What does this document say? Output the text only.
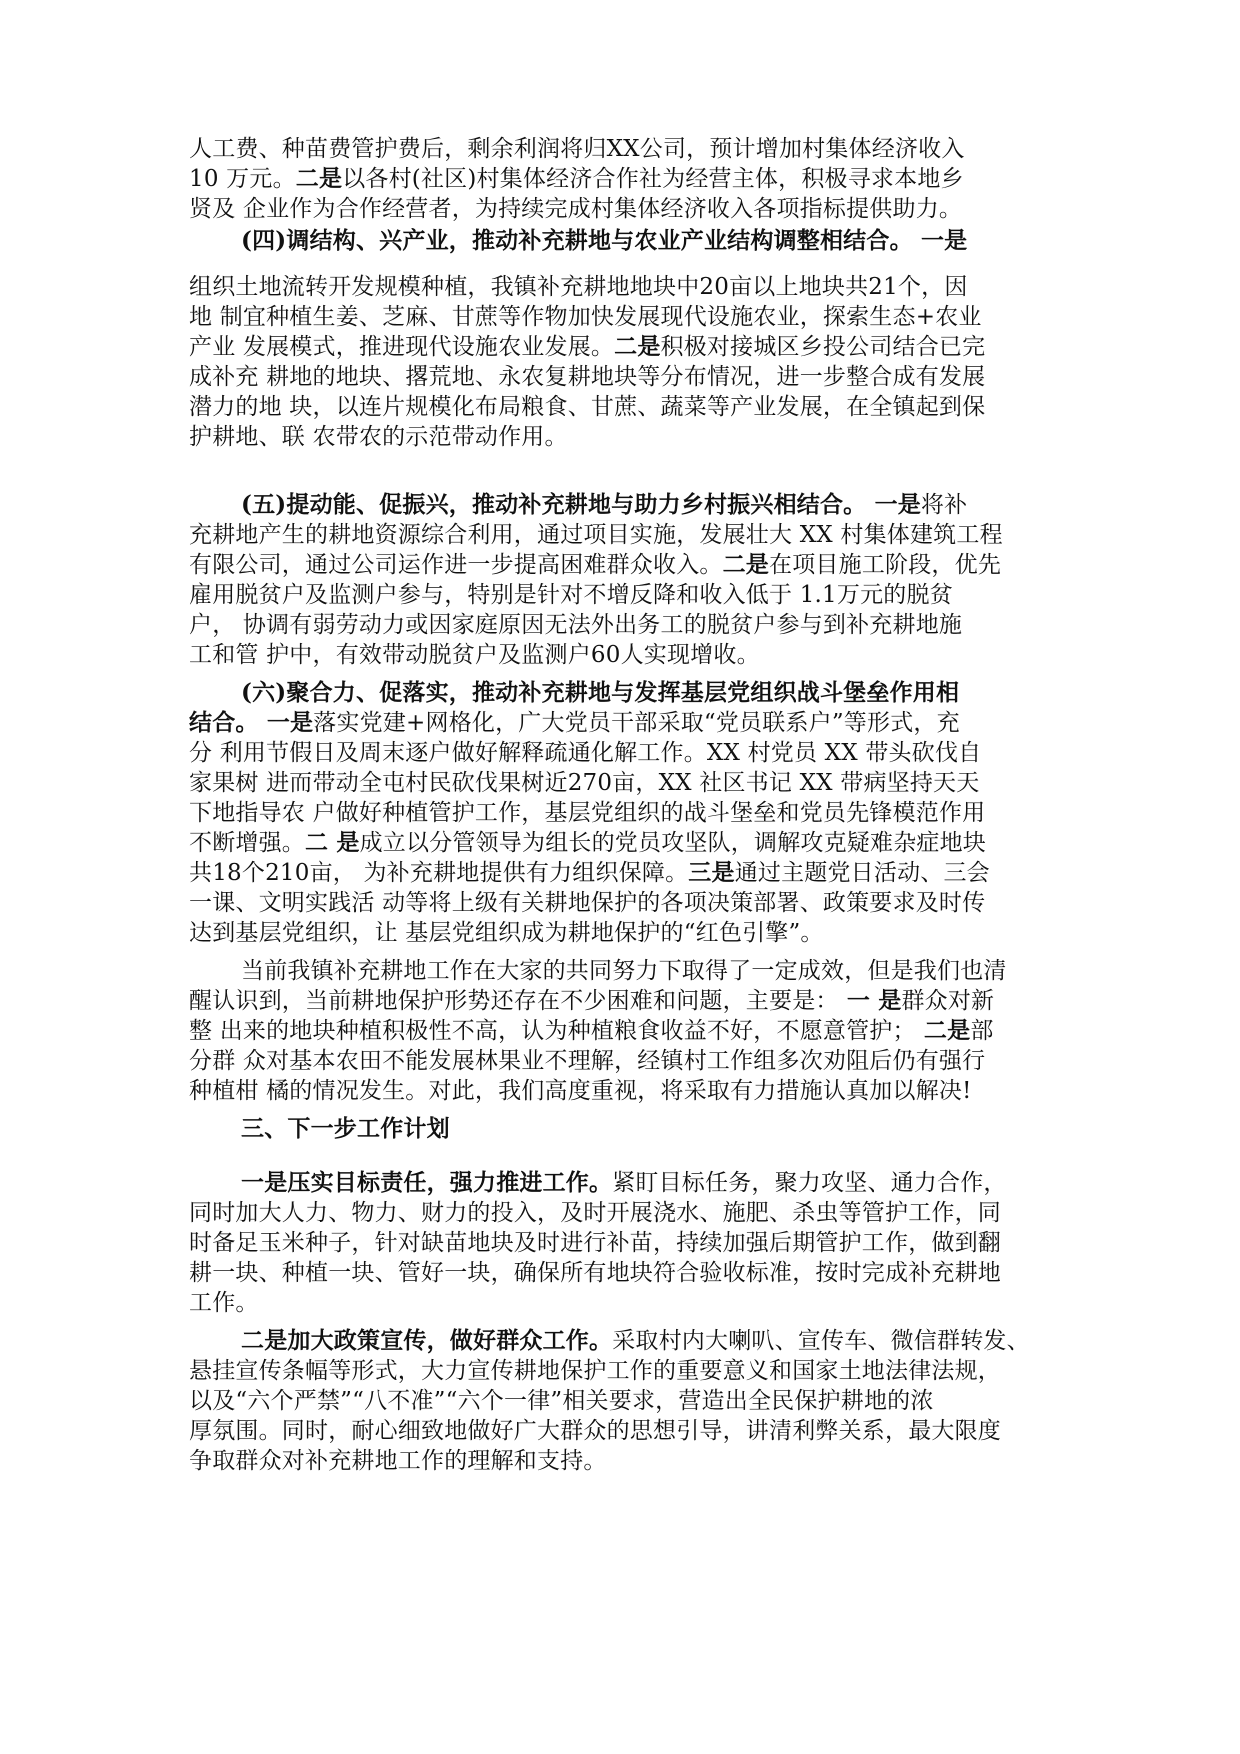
人工费、种苗费管护费后，剩余利润将归XX公司，预计增加村集体经济收入
10 万元。二是以各村(社区)村集体经济合作社为经营主体，积极寻求本地乡
贤及 企业作为合作经营者，为持续完成村集体经济收入各项指标提供助力。
(四)调结构、兴产业，推动补充耕地与农业产业结构调整相结合。 一是
组织土地流转开发规模种植，我镇补充耕地地块中20亩以上地块共21个，因
地 制宜种植生姜、芝麻、甘蔗等作物加快发展现代设施农业，探索生态+农业
产业 发展模式，推进现代设施农业发展。二是积极对接城区乡投公司结合已完
成补充 耕地的地块、撂荒地、永农复耕地块等分布情况，进一步整合成有发展
潜力的地 块，以连片规模化布局粮食、甘蔗、蔬菜等产业发展，在全镇起到保
护耕地、联 农带农的示范带动作用。
(五)提动能、促振兴，推动补充耕地与助力乡村振兴相结合。 一是将补
充耕地产生的耕地资源综合利用，通过项目实施，发展壮大 XX 村集体建筑工程
有限公司，通过公司运作进一步提高困难群众收入。二是在项目施工阶段，优先
雇用脱贫户及监测户参与，特别是针对不增反降和收入低于 1.1万元的脱贫
户， 协调有弱劳动力或因家庭原因无法外出务工的脱贫户参与到补充耕地施
工和管 护中，有效带动脱贫户及监测户60人实现增收。
(六)聚合力、促落实，推动补充耕地与发挥基层党组织战斗堡垒作用相
结合。 一是落实党建+网格化，广大党员干部采取“党员联系户”等形式，充
分 利用节假日及周末逐户做好解释疏通化解工作。XX 村党员 XX 带头砍伐自
家果树 进而带动全屯村民砍伐果树近270亩，XX 社区书记 XX 带病坚持天天
下地指导农 户做好种植管护工作，基层党组织的战斗堡垒和党员先锋模范作用
不断增强。二 是成立以分管领导为组长的党员攻坚队，调解攻克疑难杂症地块
共18个210亩， 为补充耕地提供有力组织保障。三是通过主题党日活动、三会
一课、文明实践活 动等将上级有关耕地保护的各项决策部署、政策要求及时传
达到基层党组织，让 基层党组织成为耕地保护的“红色引擎”。
当前我镇补充耕地工作在大家的共同努力下取得了一定成效，但是我们也清
醒认识到，当前耕地保护形势还存在不少困难和问题，主要是： 一 是群众对新
整 出来的地块种植积极性不高，认为种植粮食收益不好，不愿意管护； 二是部
分群 众对基本农田不能发展林果业不理解，经镇村工作组多次劝阻后仍有强行
种植柑 橘的情况发生。对此，我们高度重视，将采取有力措施认真加以解决!
三、下一步工作计划
一是压实目标责任，强力推进工作。紧盯目标任务，聚力攻坚、通力合作，
同时加大人力、物力、财力的投入，及时开展浇水、施肥、杀虫等管护工作，同
时备足玉米种子，针对缺苗地块及时进行补苗，持续加强后期管护工作，做到翻
耕一块、种植一块、管好一块，确保所有地块符合验收标准，按时完成补充耕地
工作。
二是加大政策宣传，做好群众工作。采取村内大喇叭、宣传车、微信群转发、
悬挂宣传条幅等形式，大力宣传耕地保护工作的重要意义和国家土地法律法规，
以及“六个严禁”“八不准”“六个一律”相关要求，营造出全民保护耕地的浓
厚氛围。同时，耐心细致地做好广大群众的思想引导，讲清利弊关系，最大限度
争取群众对补充耕地工作的理解和支持。
